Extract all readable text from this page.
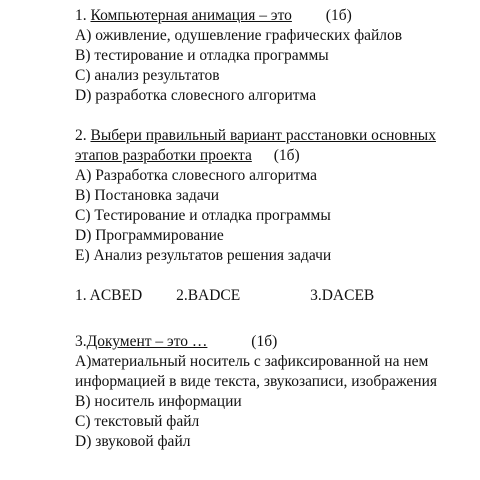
1. Компьютерная анимация – это (1б)
A) оживление, одушевление графических файлов
B) тестирование и отладка программы
C) анализ результатов
D) разработка словесного алгоритма
2. Выбери правильный вариант расстановки основных
этапов разработки проекта (1б)
A) Разработка словесного алгоритма
B) Постановка задачи
C) Тестирование и отладка программы
D) Программирование
E) Анализ результатов решения задачи
1. ACBED 2.BADCE	3.DACEB
3.Документ – это …	(1б)
A)материальный носитель с зафиксированной на нем
информацией в виде текста, звукозаписи, изображения
B) носитель информации
C) текстовый файл
D) звуковой файл
